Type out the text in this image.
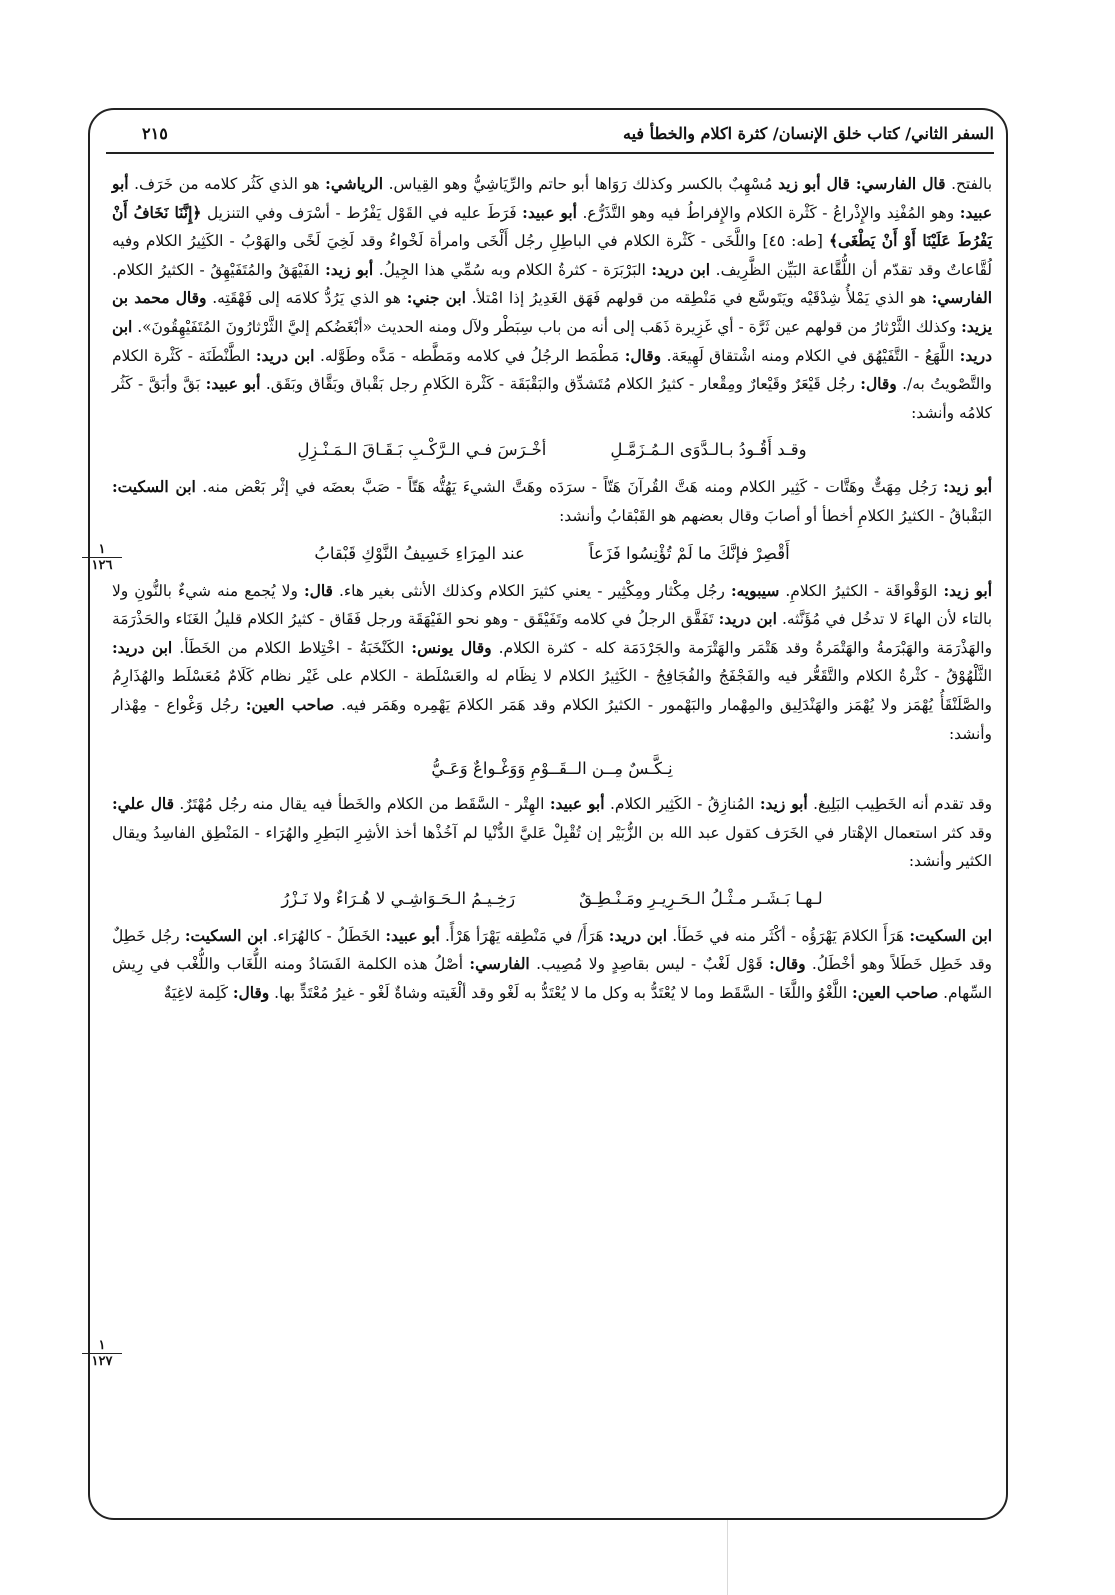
السفر الثاني/ كتاب خلق الإنسان/ كثرة اكلام والخطأ فيه
٢١٥

بالفتح. قال الفارسي: قال أبو زيد مُسْهِبٌ بالكسر وكذلك رَوَاها أبو حاتم والرِّيَاشِيُّ وهو القِياس. الرياشي: هو الذي كَثُر كلامه من خَرَف. أبو عبيد: وهو المُفْنِد والإِذْراعُ - كَثْرة الكلام والإِفراطُ فيه وهو التَّذَرُّع. أبو عبيد: فَرَطَ عليه في القَوْل يَفْرُط - أسْرَف وفي التنزيل ﴿إِنَّنَا نَخَافُ أَنْ يَفْرُطَ عَلَيْنَا أَوْ أَنْ يَطْغَى﴾ [طه: ٤٥] واللَّخَى - كَثْرة الكلام في الباطِلِ رجُل أَلْخَى وامرأة لَخْواءُ وقد لَخِيَ لَخًى والهَوْبُ - الكَثِيرُ الكلام وفيه لُقَّاعاتٌ وقد تقدّم أن اللُّقَّاعة البَيِّن الظَّرِيف. ابن دريد: البَرْبَرَة - كثرةُ الكلام وبه سُمِّي هذا الجِيلُ. أبو زيد: الفَيْهَقُ والمُتَفَيْهِقُ - الكثيرُ الكلام. الفارسي: هو الذي يَمْلأُ شِدْقَيْه ويَتَوسَّع في مَنْطِقه من قولهم فَهَق الغَدِيرُ إذا امْتلأ. ابن جني: هو الذي يَرُدُّ كلامَه إلى فَهْقَتِه. وقال محمد بن يزيد: وكذلك الثَّرْثارُ من قولهم عين ثَرَّة - أي غَزِيرة ذَهَب إلى أنه من باب سِبَطْر ولآل ومنه الحديث «أبْغَضُكم إليَّ الثَّرْثارُونَ المُتَفَيْهِقُونَ». ابن دريد: اللَّهَعُ - التَّفَيْهُق في الكلام ومنه اشْتقاق لَهِيعَة. وقال: مَطْمَط الرجُلُ في كلامه ومَطَّطه - مَدَّه وطَوَّله. ابن دريد: الطَّنْطَنَة - كَثْرة الكلام والتَّصْويتُ به/. وقال: رجُل قَيْعَرٌ وقَيْعارٌ ومِقْعار - كثيرُ الكلام مُتَشدِّق والبَقْبَقَة - كَثْرة الكَلامِ رجل بَقْباق وبَقَّاق وبَقَق. أبو عبيد: بَقَّ وأبَقَّ - كَثُر كلامُه وأنشد:

وقـد أَقُـودُ بـالـدَّوَى الـمُـزَمَّـلِ
أخْـرَسَ فـي الـرَّكْـبِ بَـقَـاقَ الـمَـنْـزِلِ

أبو زيد: رَجُل مِهَتٌّ وهَتَّات - كَثِير الكلام ومنه هَتَّ القُرآنَ هَتّاً - سرَدَه وهَتَّ الشيءَ يَهُتُّه هَتّاً - صَبَّ بعضَه في إثْر بَعْض منه. ابن السكيت: البَقْباقُ - الكثيرُ الكلامِ أخطأ أو أصابَ وقال بعضهم هو القَبْقابُ وأنشد:

أَقْصِرْ فإنَّكَ ما لَمْ تُؤْنِسُوا فَزَعاً
عند المِرَاءِ خَسِيفُ النَّوْكِ قَبْقابُ

أبو زيد: الوَقْواقَة - الكثيرُ الكلامِ. سيبويه: رجُل مِكْثار ومِكْثِير - يعني كثيرَ الكلام وكذلك الأنثى بغير هاء. قال: ولا يُجمع منه شيءٌ بالنُّونِ ولا بالتاء لأن الهاءَ لا تدخُل في مُؤَنَّثه. ابن دريد: تَفَقَّق الرجلُ في كلامه وتَفَيْقَق - وهو نحو الفَيْهَقَة ورجل فَقَاق - كثيرُ الكلام قليلُ الغَنَاء والحَذْرَمَة والهَذْرَمَة والهَبْرَمةُ والهَتْمَرةُ وقد هَتْمَر والهَتْرَمة والجَرْدَمَة كله - كثرة الكلام. وقال يونس: الكَنْخَبَةُ - اخْتِلاط الكلام من الخَطَأ. ابن دريد: الثَّلْهُوْقُ - كثْرةُ الكلام والتَّقَعُّر فيه والفَجْفَجُ والفُجَافِجُ - الكَثِيرُ الكلام لا نِظَام له والعَسْلَطة - الكلام على غَيْر نظام كَلَامٌ مُعَسْلَط والهُذَارِمُ والصَّلَنْقَأُ يُهْمَز ولا يُهْمَز والهَنْدَلِيق والمِهْمار والبَهْمور - الكثيرُ الكلام وقد هَمَر الكلامَ يَهْمِره وهَمَر فيه. صاحب العين: رجُل وَغْواع - مِهْذار وأنشد:

نِـكَّـسٌ مِــن الــقَــوْمِ وَوَغْـواعٌ وَعَـيُّ

وقد تقدم أنه الخَطِيب البَلِيغ. أبو زيد: المُنازِقُ - الكَثِير الكلام. أبو عبيد: الهِتْر - السَّقَط من الكلام والخَطأ فيه يقال منه رجُل مُهْتَرٌ. قال علي: وقد كثر استعمال الإهْتار في الخَرَف كقول عبد الله بن الزُّبَيْر إن تُقْبِلْ عَليَّ الدُّنْيا لم آخُذْها أخذ الأشِرِ البَطِرِ والهُرَاء - المَنْطِق الفاسِدُ ويقال الكثير وأنشد:

لـهـا بَـشَـر مـثْـلُ الـحَـرِيـرِ ومَـنْـطِـقٌ
رَخِـيـمُ الـحَـوَاشِـي لا هُـرَاءٌ ولا نَـزْرُ

ابن السكيت: هَرَأَ الكلامَ يَهْرَؤُه - أكْثَر منه في خَطَأ. ابن دريد: هَرَأَ/ في مَنْطِقه يَهْرَأ هَرْأً. أبو عبيد: الخَطَلُ - كالهُرَاء. ابن السكيت: رجُل خَطِلٌ وقد خَطِل خَطَلاً وهو أخْطَلُ. وقال: قَوْل لَغْبٌ - ليس بقاصِدٍ ولا مُصِيب. الفارسي: أصْلُ هذه الكلمة الفَسَادُ ومنه اللُّغَاب واللُّغْب في رِيش السِّهام. صاحب العين: اللَّغْوُ واللَّغَا - السَّقَط وما لا يُعْتَدُّ به وكل ما لا يُعْتَدُّ به لَغْو وقد ألْغَيته وشاةٌ لَغْو - غيرُ مُعْتَدٍّ بها. وقال: كَلِمة لاغِيَةٌ

١
١٢٦
١
١٢٧
